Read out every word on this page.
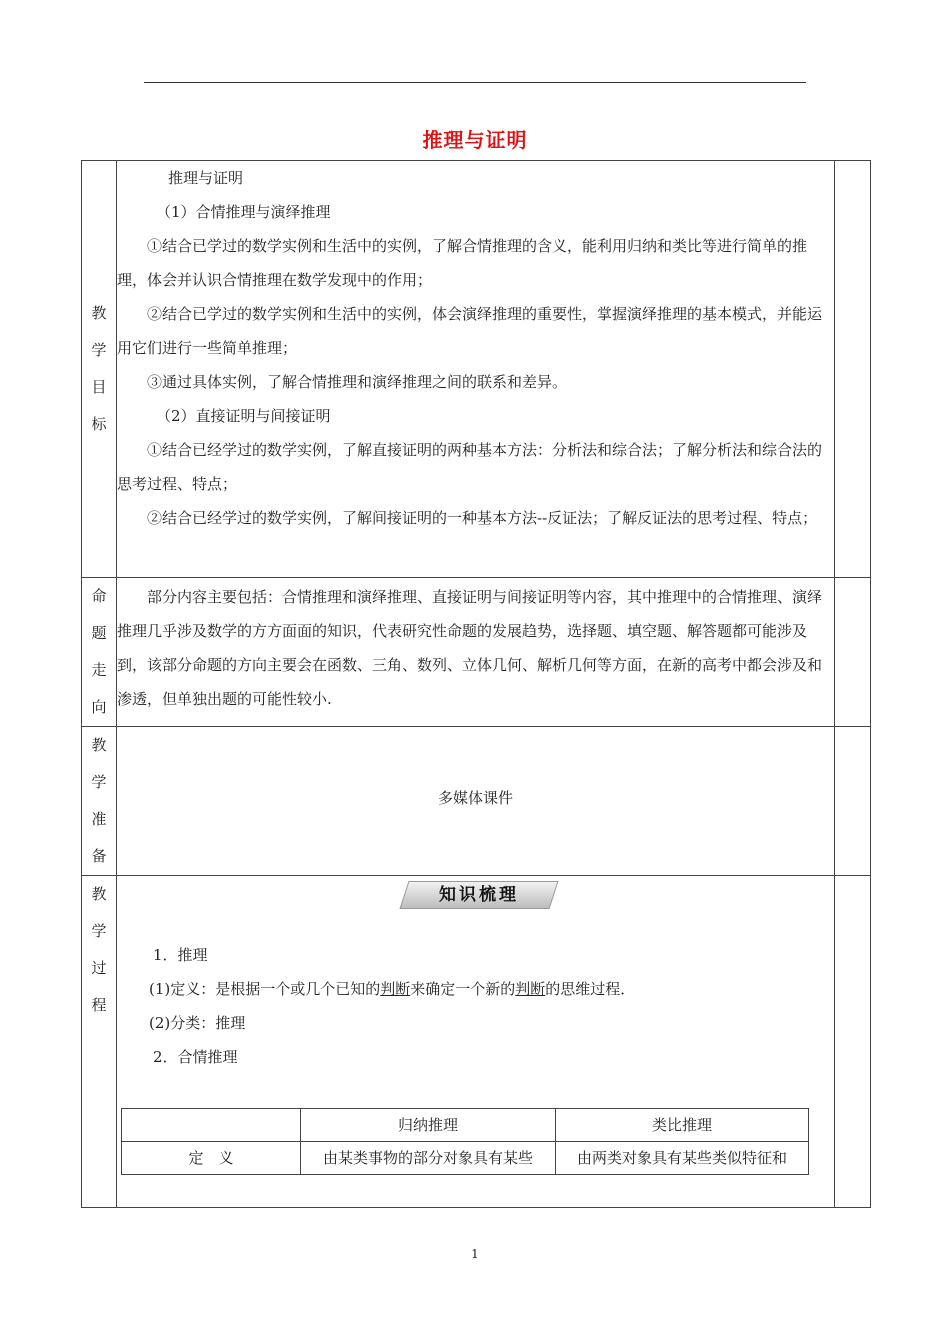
推理与证明
教
学
目
标

推理与证明

（1）合情推理与演绎推理

①结合已学过的数学实例和生活中的实例，了解合情推理的含义，能利用归纳和类比等进行简单的推理，体会并认识合情推理在数学发现中的作用；

②结合已学过的数学实例和生活中的实例，体会演绎推理的重要性，掌握演绎推理的基本模式，并能运用它们进行一些简单推理；

③通过具体实例，了解合情推理和演绎推理之间的联系和差异。

（2）直接证明与间接证明

①结合已经学过的数学实例，了解直接证明的两种基本方法：分析法和综合法；了解分析法和综合法的思考过程、特点；

②结合已经学过的数学实例，了解间接证明的一种基本方法--反证法；了解反证法的思考过程、特点；

命
题
走
向

部分内容主要包括：合情推理和演绎推理、直接证明与间接证明等内容，其中推理中的合情推理、演绎推理几乎涉及数学的方方面面的知识，代表研究性命题的发展趋势，选择题、填空题、解答题都可能涉及到，该部分命题的方向主要会在函数、三角、数列、立体几何、解析几何等方面，在新的高考中都会涉及和渗透，但单独出题的可能性较小.

教
学
准
备

多媒体课件

教
学
过
程

知识梳理

1．推理

(1)定义：是根据一个或几个已知的判断来确定一个新的判断的思维过程．

(2)分类：推理

2．合情推理

	归纳推理	类比推理
定　义	由某类事物的部分对象具有某些	由两类对象具有某些类似特征和

1
